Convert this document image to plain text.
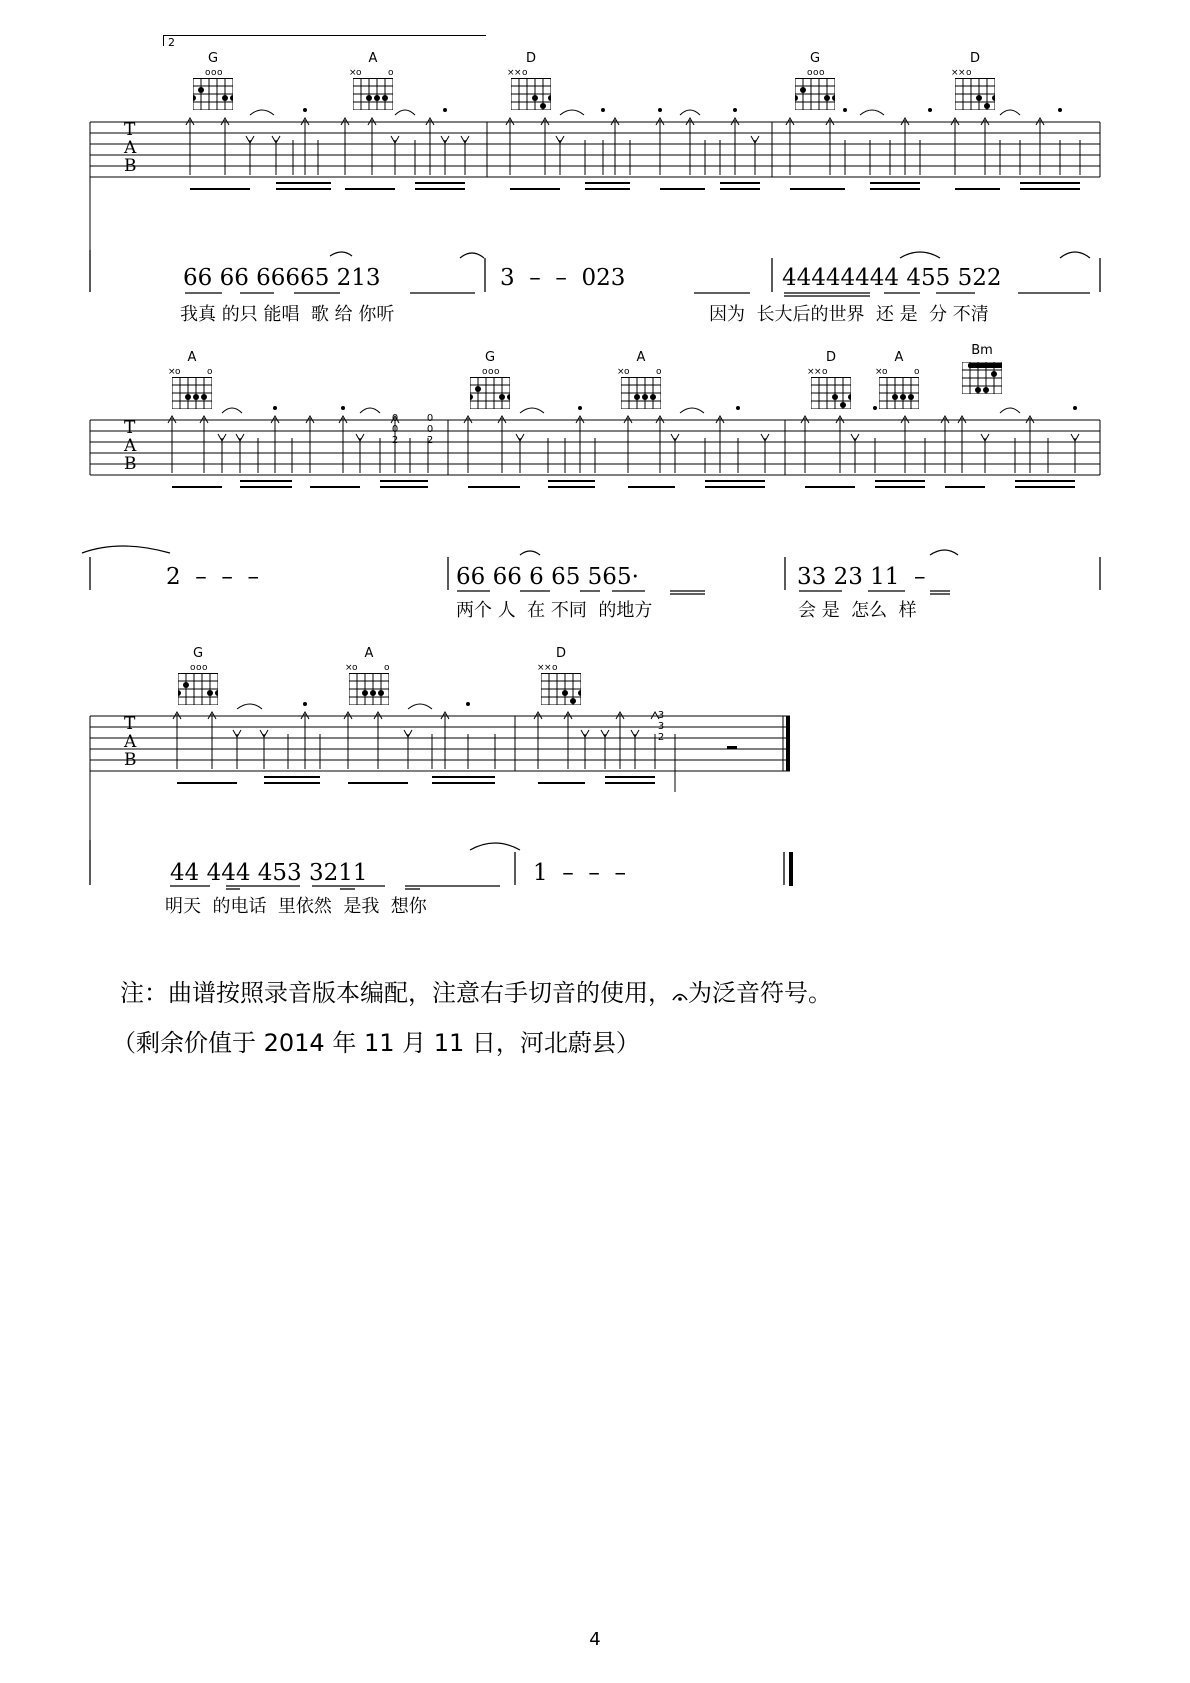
2
G
o o o
A
× o	o
D
× × o
G
o o o
D
× × o
T
A
B
66 66 66665 213	3  –  –  023	44444444 455 522
我真 的只 能唱  歌 给 你听	因为  长大后的世界  还 是  分 不清
A
× o	o
G
o o o
A
× o	o
D
× × o
A
× o	o
Bm
T
A
B
0
0
2
0
0
2
2  –  –  –	66 66 6 65 565·	33 23 11  –
两个 人  在 不同  的地方	会 是  怎么  样
G
o o o
A
× o	o
D
× × o
T
A
B
3
3
2
44 444 453 3211	1  –  –  –
明天  的电话  里依然  是我  想你
注：曲谱按照录音版本编配，注意右手切音的使用， 为泛音符号。
（剩余价值于 2014 年 11 月 11 日，河北蔚县）
4
